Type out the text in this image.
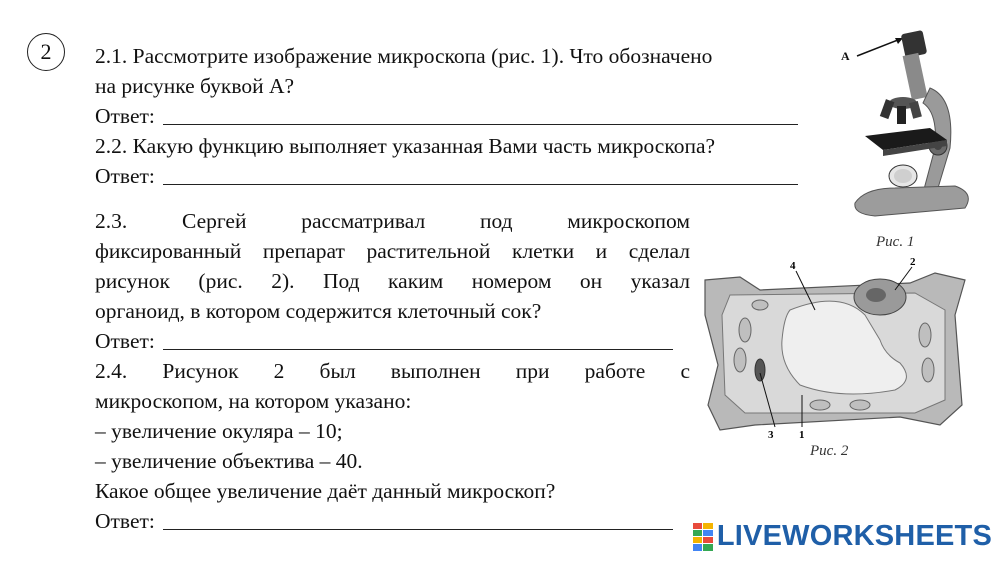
2	2.1. Рассмотрите изображение микроскопа (рис. 1). Что обозначено
на рисунке буквой А?
Ответ:
2.2. Какую функцию выполняет указанная Вами часть микроскопа?
Ответ:
2.3. Сергей рассматривал под микроскопом
фиксированный препарат растительной клетки и сделал
рисунок (рис. 2). Под каким номером он указал
органоид, в котором содержится клеточный сок?
Ответ:
2.4. Рисунок 2 был выполнен при работе с
микроскопом, на котором указано:
– увеличение окуляра – 10;
– увеличение объектива – 40.
Какое общее увеличение даёт данный микроскоп?
Ответ:
А
Рис. 1
4	2
3 1
Рис. 2
LIVEWORKSHEETS
